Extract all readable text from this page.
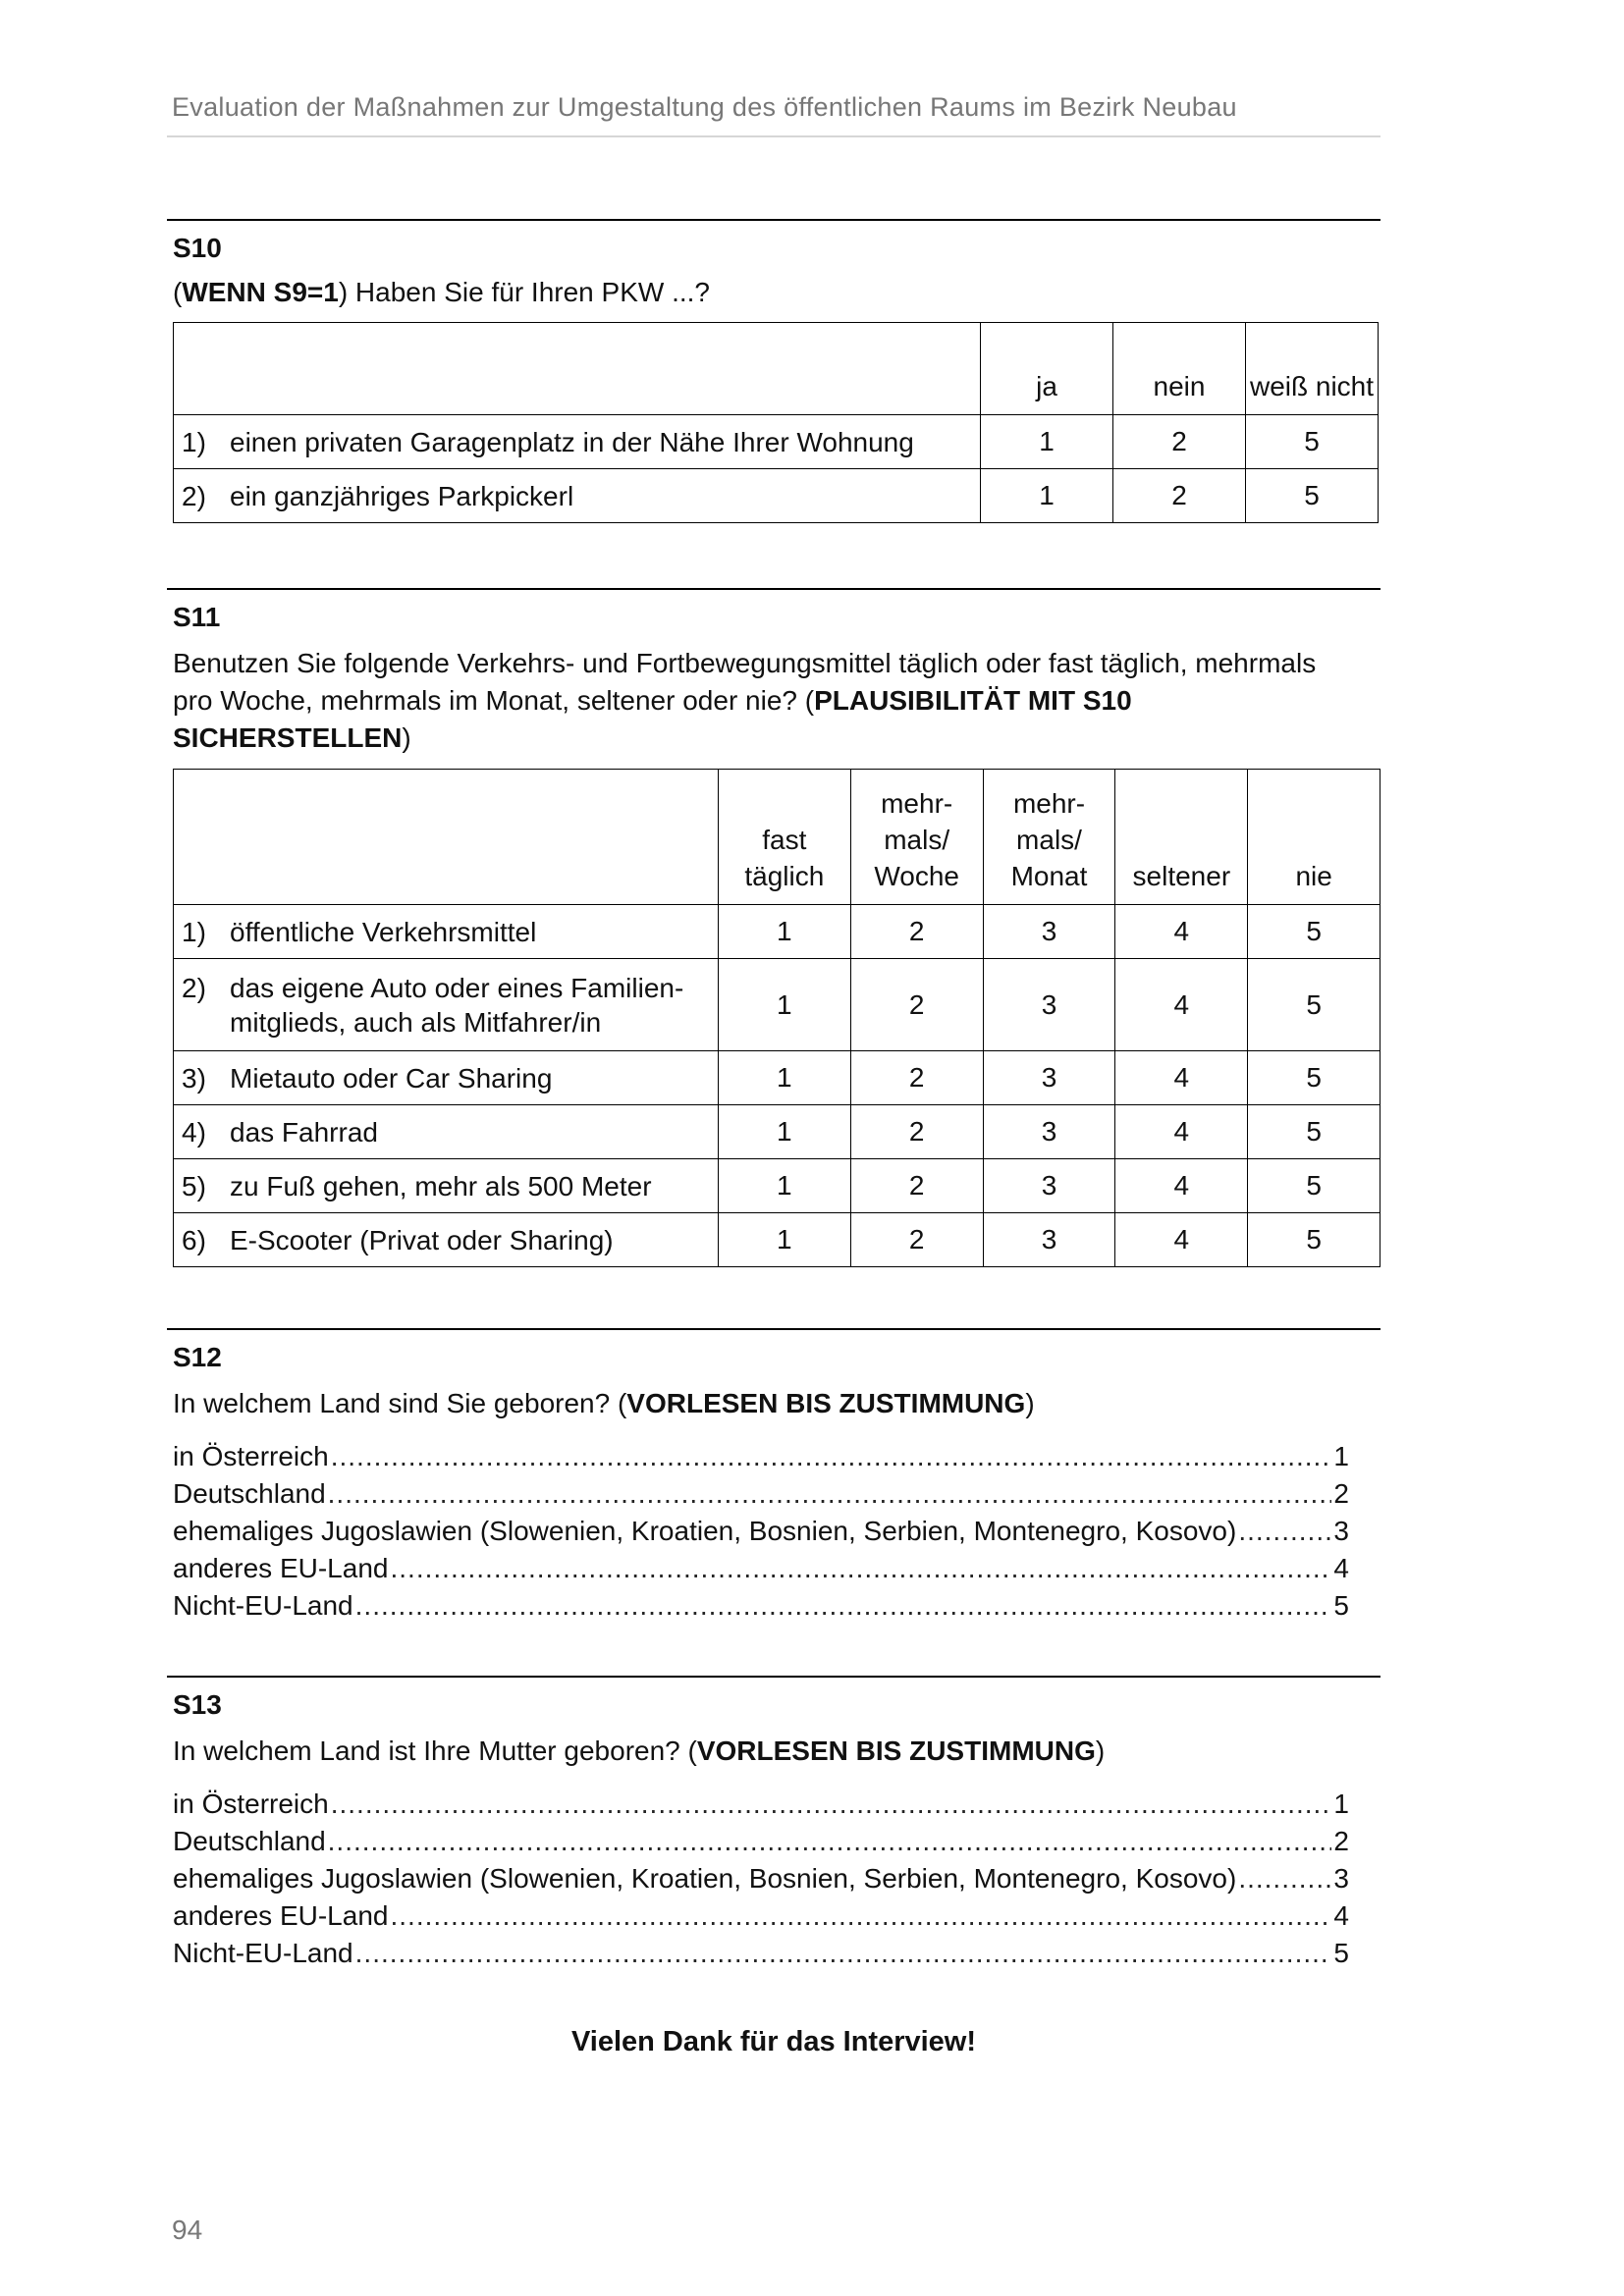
Evaluation der Maßnahmen zur Umgestaltung des öffentlichen Raums im Bezirk Neubau
S10
(WENN S9=1) Haben Sie für Ihren PKW ...?
	ja	nein	weiß nicht

1) einen privaten Garagenplatz in der Nähe Ihrer Wohnung	1	2	5

2) ein ganzjähriges Parkpickerl	1	2	5
S11
Benutzen Sie folgende Verkehrs- und Fortbewegungsmittel täglich oder fast täglich, mehrmals pro Woche, mehrmals im Monat, seltener oder nie? (PLAUSIBILITÄT MIT S10 SICHERSTELLEN)
	fast täglich	mehr-mals/ Woche	mehr-mals/ Monat	seltener	nie

1) öffentliche Verkehrsmittel	1	2	3	4	5

2) das eigene Auto oder eines Familien-mitglieds, auch als Mitfahrer/in	1	2	3	4	5

3) Mietauto oder Car Sharing	1	2	3	4	5

4) das Fahrrad	1	2	3	4	5

5) zu Fuß gehen, mehr als 500 Meter	1	2	3	4	5

6) E-Scooter (Privat oder Sharing)	1	2	3	4	5
S12
In welchem Land sind Sie geboren? (VORLESEN BIS ZUSTIMMUNG)
in Österreich .....	1
Deutschland .....	2
ehemaliges Jugoslawien (Slowenien, Kroatien, Bosnien, Serbien, Montenegro, Kosovo) .....	3
anderes EU-Land .....	4
Nicht-EU-Land .....	5
S13
In welchem Land ist Ihre Mutter geboren? (VORLESEN BIS ZUSTIMMUNG)
in Österreich .....	1
Deutschland .....	2
ehemaliges Jugoslawien (Slowenien, Kroatien, Bosnien, Serbien, Montenegro, Kosovo) .....	3
anderes EU-Land .....	4
Nicht-EU-Land .....	5
Vielen Dank für das Interview!
94
